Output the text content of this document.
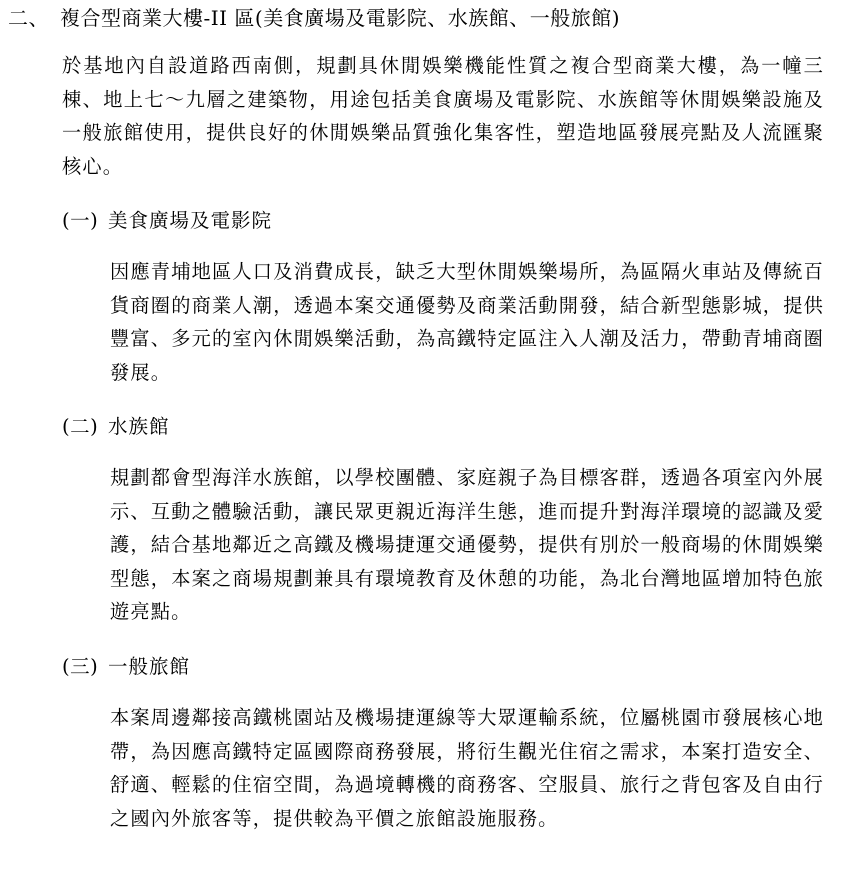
二、 複合型商業大樓-II 區(美食廣場及電影院、水族館、一般旅館)
於基地內自設道路西南側，規劃具休閒娛樂機能性質之複合型商業大樓，為一幢三棟、地上七～九層之建築物，用途包括美食廣場及電影院、水族館等休閒娛樂設施及一般旅館使用，提供良好的休閒娛樂品質強化集客性，塑造地區發展亮點及人流匯聚核心。
(一) 美食廣場及電影院
因應青埔地區人口及消費成長，缺乏大型休閒娛樂場所，為區隔火車站及傳統百貨商圈的商業人潮，透過本案交通優勢及商業活動開發，結合新型態影城，提供豐富、多元的室內休閒娛樂活動，為高鐵特定區注入人潮及活力，帶動青埔商圈發展。
(二) 水族館
規劃都會型海洋水族館，以學校團體、家庭親子為目標客群，透過各項室內外展示、互動之體驗活動，讓民眾更親近海洋生態，進而提升對海洋環境的認識及愛護，結合基地鄰近之高鐵及機場捷運交通優勢，提供有別於一般商場的休閒娛樂型態，本案之商場規劃兼具有環境教育及休憩的功能，為北台灣地區增加特色旅遊亮點。
(三) 一般旅館
本案周邊鄰接高鐵桃園站及機場捷運線等大眾運輸系統，位屬桃園市發展核心地帶，為因應高鐵特定區國際商務發展，將衍生觀光住宿之需求，本案打造安全、舒適、輕鬆的住宿空間，為過境轉機的商務客、空服員、旅行之背包客及自由行之國內外旅客等，提供較為平價之旅館設施服務。
